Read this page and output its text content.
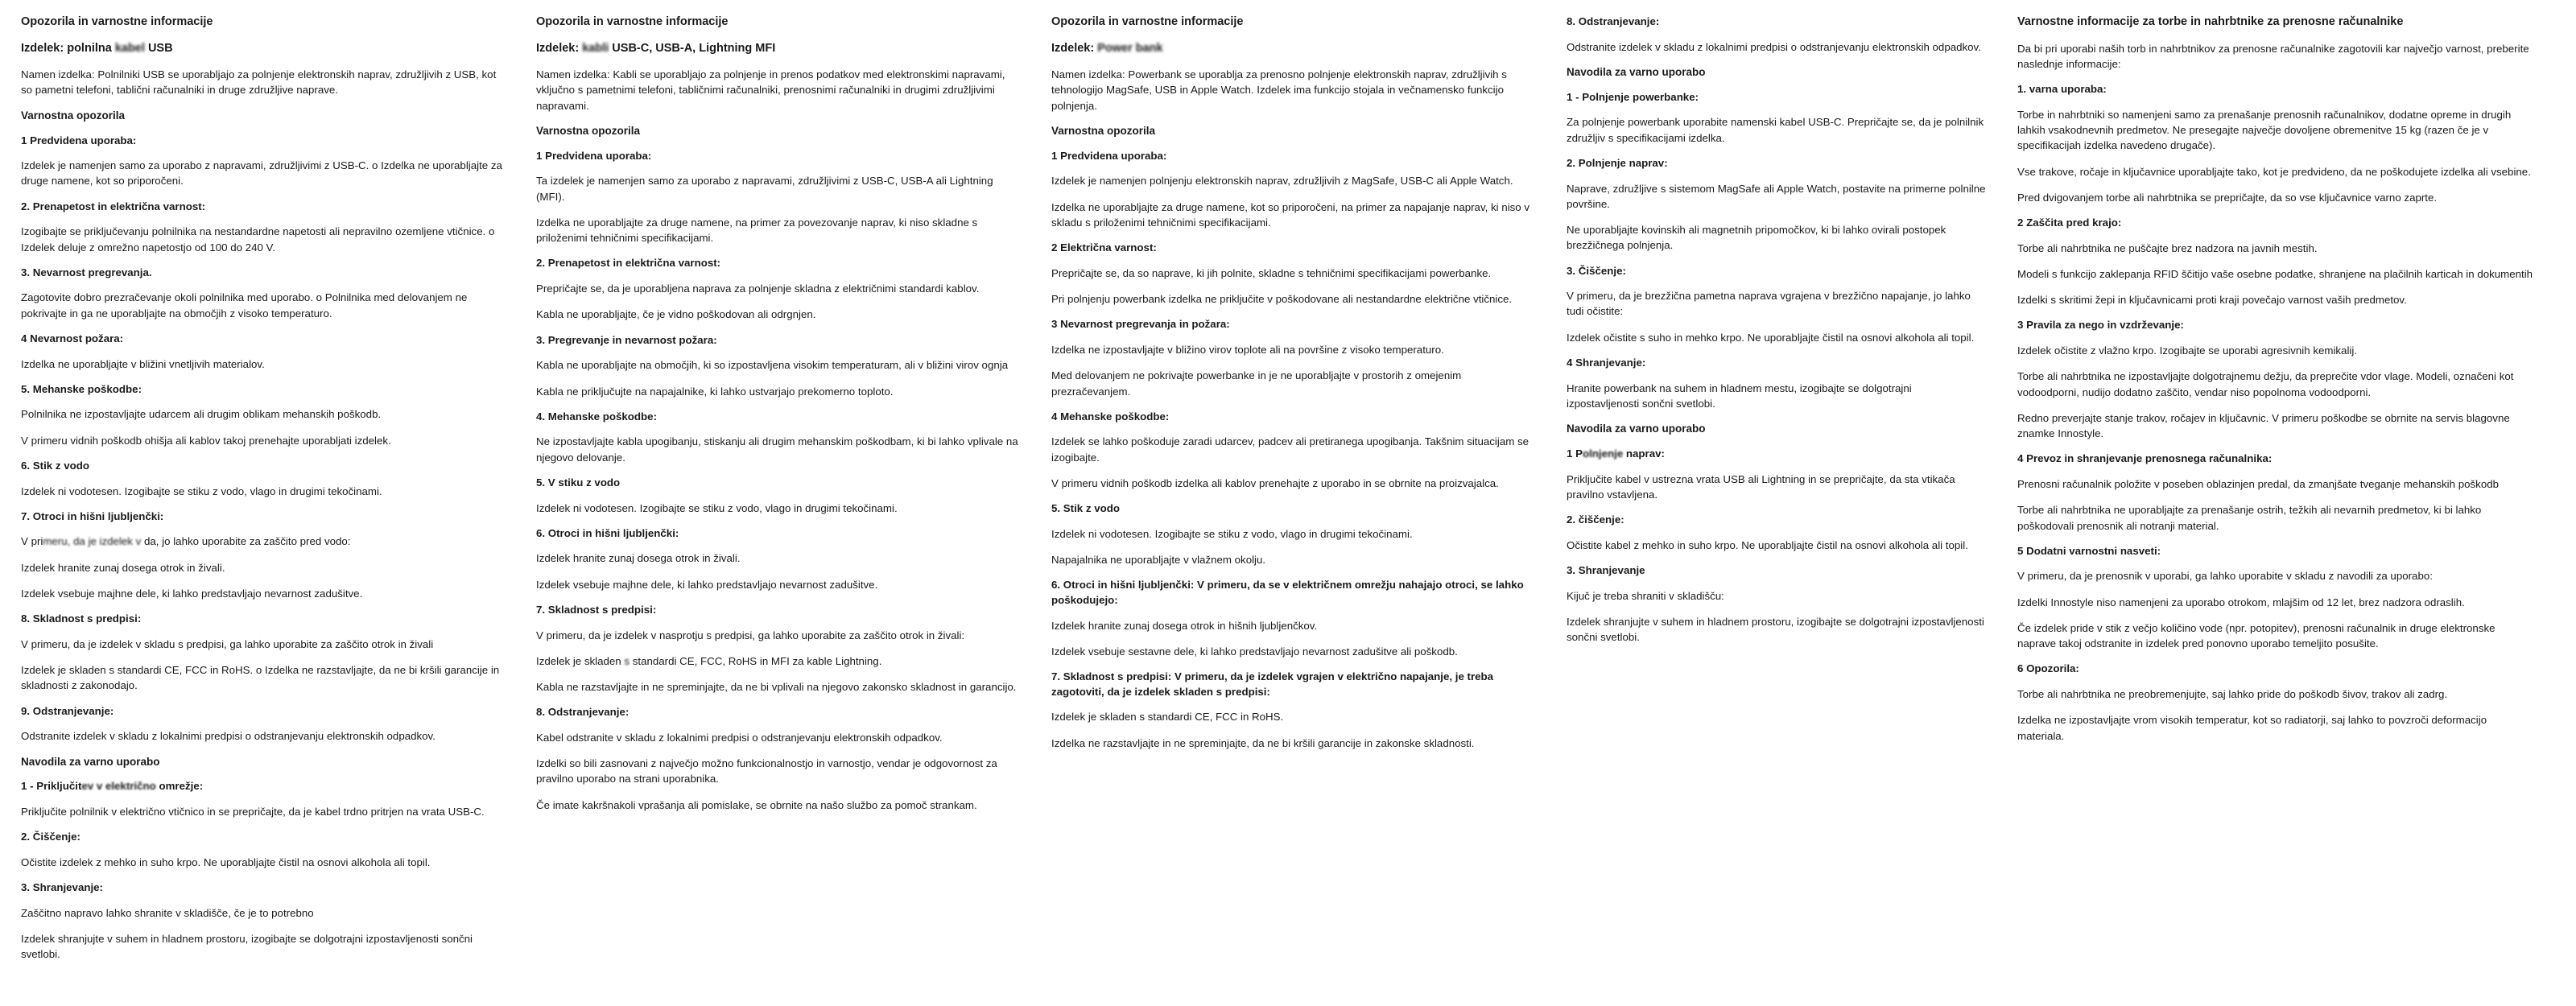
Opozorila in varnostne informacije
Izdelek: polnilna kabel USB
Namen izdelka: Polnilniki USB se uporabljajo za polnjenje elektronskih naprav, združljivih z USB, kot so pametni telefoni, tablični računalniki in druge združljive naprave.
Varnostna opozorila
1 Predvidena uporaba:
Izdelek je namenjen samo za uporabo z napravami, združljivimi z USB-C. o Izdelka ne uporabljajte za druge namene, kot so priporočeni.
2. Prenapetost in električna varnost:
Izogibajte se priključevanju polnilnika na nestandardne napetosti ali nepravilno ozemljene vtičnice. o Izdelek deluje z omrežno napetostjo od 100 do 240 V.
3. Nevarnost pregrevanja.
Zagotovite dobro prezračevanje okoli polnilnika med uporabo. o Polnilnika med delovanjem ne pokrivajte in ga ne uporabljajte na območjih z visoko temperaturo.
4 Nevarnost požara:
Izdelka ne uporabljajte v bližini vnetljivih materialov.
5. Mehanske poškodbe:
Polnilnika ne izpostavljajte udarcem ali drugim oblikam mehanskih poškodb.
V primeru vidnih poškodb ohišja ali kablov takoj prenehajte uporabljati izdelek.
6. Stik z vodo
Izdelek ni vodotesen. Izogibajte se stiku z vodo, vlago in drugimi tekočinami.
7. Otroci in hišni ljubljenčki:
V primeru, da je izdelek v da, jo lahko uporabite za zaščito pred vodo:
Izdelek hranite zunaj dosega otrok in živali.
Izdelek vsebuje majhne dele, ki lahko predstavljajo nevarnost zadušitve.
8. Skladnost s predpisi:
V primeru, da je izdelek v skladu s predpisi, ga lahko uporabite za zaščito otrok in živali
Izdelek je skladen s standardi CE, FCC in RoHS. o Izdelka ne razstavljajte, da ne bi kršili garancije in skladnosti z zakonodajo.
9. Odstranjevanje:
Odstranite izdelek v skladu z lokalnimi predpisi o odstranjevanju elektronskih odpadkov.
Navodila za varno uporabo
1 - Priključitev v električno omrežje:
Priključite polnilnik v električno vtičnico in se prepričajte, da je kabel trdno pritrjen na vrata USB-C.
2. Čiščenje:
Očistite izdelek z mehko in suho krpo. Ne uporabljajte čistil na osnovi alkohola ali topil.
3. Shranjevanje:
Zaščitno napravo lahko shranite v skladišče, če je to potrebno
Izdelek shranjujte v suhem in hladnem prostoru, izogibajte se dolgotrajni izpostavljenosti sončni svetlobi.
Opozorila in varnostne informacije
Izdelek: kabli USB-C, USB-A, Lightning MFI
Namen izdelka: Kabli se uporabljajo za polnjenje in prenos podatkov med elektronskimi napravami, vključno s pametnimi telefoni, tabličnimi računalniki, prenosnimi računalniki in drugimi združljivimi napravami.
Varnostna opozorila
1 Predvidena uporaba:
Ta izdelek je namenjen samo za uporabo z napravami, združljivimi z USB-C, USB-A ali Lightning (MFI).
Izdelka ne uporabljajte za druge namene, na primer za povezovanje naprav, ki niso skladne s priloženimi tehničnimi specifikacijami.
2. Prenapetost in električna varnost:
Prepričajte se, da je uporabljena naprava za polnjenje skladna z električnimi standardi kablov.
Kabla ne uporabljajte, če je vidno poškodovan ali odrgnjen.
3. Pregrevanje in nevarnost požara:
Kabla ne uporabljajte na območjih, ki so izpostavljena visokim temperaturam, ali v bližini virov ognja
Kabla ne priključujte na napajalnike, ki lahko ustvarjajo prekomerno toploto.
4. Mehanske poškodbe:
Ne izpostavljajte kabla upogibanju, stiskanju ali drugim mehanskim poškodbam, ki bi lahko vplivale na njegovo delovanje.
5. V stiku z vodo
Izdelek ni vodotesen. Izogibajte se stiku z vodo, vlago in drugimi tekočinami.
6. Otroci in hišni ljubljenčki:
Izdelek hranite zunaj dosega otrok in živali.
Izdelek vsebuje majhne dele, ki lahko predstavljajo nevarnost zadušitve.
7. Skladnost s predpisi:
V primeru, da je izdelek v nasprotju s predpisi, ga lahko uporabite za zaščito otrok in živali:
Izdelek je skladen s standardi CE, FCC, RoHS in MFI za kable Lightning.
Kabla ne razstavljajte in ne spreminjajte, da ne bi vplivali na njegovo zakonsko skladnost in garancijo.
8. Odstranjevanje:
Kabel odstranite v skladu z lokalnimi predpisi o odstranjevanju elektronskih odpadkov.
Izdelki so bili zasnovani z največjo možno funkcionalnostjo in varnostjo, vendar je odgovornost za pravilno uporabo na strani uporabnika.
Če imate kakršnakoli vprašanja ali pomislake, se obrnite na našo službo za pomoč strankam.
Opozorila in varnostne informacije
Izdelek: Power bank
Namen izdelka: Powerbank se uporablja za prenosno polnjenje elektronskih naprav, združljivih s tehnologijo MagSafe, USB in Apple Watch. Izdelek ima funkcijo stojala in večnamensko funkcijo polnjenja.
Varnostna opozorila
1 Predvidena uporaba:
Izdelek je namenjen polnjenju elektronskih naprav, združljivih z MagSafe, USB-C ali Apple Watch.
Izdelka ne uporabljajte za druge namene, kot so priporočeni, na primer za napajanje naprav, ki niso v skladu s priloženimi tehničnimi specifikacijami.
2 Električna varnost:
Prepričajte se, da so naprave, ki jih polnite, skladne s tehničnimi specifikacijami powerbanke.
Pri polnjenju powerbank izdelka ne priključite v poškodovane ali nestandardne električne vtičnice.
3 Nevarnost pregrevanja in požara:
Izdelka ne izpostavljajte v bližino virov toplote ali na površine z visoko temperaturo.
Med delovanjem ne pokrivajte powerbanke in je ne uporabljajte v prostorih z omejenim prezračevanjem.
4 Mehanske poškodbe:
Izdelek se lahko poškoduje zaradi udarcev, padcev ali pretiranega upogibanja. Takšnim situacijam se izogibajte.
V primeru vidnih poškodb izdelka ali kablov prenehajte z uporabo in se obrnite na proizvajalca.
5. Stik z vodo
Izdelek ni vodotesen. Izogibajte se stiku z vodo, vlago in drugimi tekočinami.
Napajalnika ne uporabljajte v vlažnem okolju.
6. Otroci in hišni ljubljenčki: V primeru, da se v električnem omrežju nahajajo otroci, se lahko poškodujejo:
Izdelek hranite zunaj dosega otrok in hišnih ljubljenčkov.
Izdelek vsebuje sestavne dele, ki lahko predstavljajo nevarnost zadušitve ali poškodb.
7. Skladnost s predpisi: V primeru, da je izdelek vgrajen v električno napajanje, je treba zagotoviti, da je izdelek skladen s predpisi:
Izdelek je skladen s standardi CE, FCC in RoHS.
Izdelka ne razstavljajte in ne spreminjajte, da ne bi kršili garancije in zakonske skladnosti.
8. Odstranjevanje:
Odstranite izdelek v skladu z lokalnimi predpisi o odstranjevanju elektronskih odpadkov.
Navodila za varno uporabo
1 - Polnjenje powerbanke:
Za polnjenje powerbank uporabite namenski kabel USB-C. Prepričajte se, da je polnilnik združljiv s specifikacijami izdelka.
2. Polnjenje naprav:
Naprave, združljive s sistemom MagSafe ali Apple Watch, postavite na primerne polnilne površine.
Ne uporabljajte kovinskih ali magnetnih pripomočkov, ki bi lahko ovirali postopek brezžičnega polnjenja.
3. Čiščenje:
V primeru, da je brezžična pametna naprava vgrajena v brezžično napajanje, jo lahko tudi očistite:
Izdelek očistite s suho in mehko krpo. Ne uporabljajte čistil na osnovi alkohola ali topil.
4 Shranjevanje:
Hranite powerbank na suhem in hladnem mestu, izogibajte se dolgotrajni izpostavljenosti sončni svetlobi.
Navodila za varno uporabo
1 Polnjenje naprav:
Priključite kabel v ustrezna vrata USB ali Lightning in se prepričajte, da sta vtikača pravilno vstavljena.
2. čiščenje:
Očistite kabel z mehko in suho krpo. Ne uporabljajte čistil na osnovi alkohola ali topil.
3. Shranjevanje
Kijuč je treba shraniti v skladišču:
Izdelek shranjujte v suhem in hladnem prostoru, izogibajte se dolgotrajni izpostavljenosti sončni svetlobi.
Varnostne informacije za torbe in nahrbtnike za prenosne računalnike
Da bi pri uporabi naših torb in nahrbtnikov za prenosne računalnike zagotovili kar največjo varnost, preberite naslednje informacije:
1. varna uporaba:
Torbe in nahrbtniki so namenjeni samo za prenašanje prenosnih računalnikov, dodatne opreme in drugih lahkih vsakodnevnih predmetov. Ne presegajte največje dovoljene obremenitve 15 kg (razen če je v specifikacijah izdelka navedeno drugače).
Vse trakove, ročaje in ključavnice uporabljajte tako, kot je predvideno, da ne poškodujete izdelka ali vsebine.
Pred dvigovanjem torbe ali nahrbtnika se prepričajte, da so vse ključavnice varno zaprte.
2 Zaščita pred krajo:
Torbe ali nahrbtnika ne puščajte brez nadzora na javnih mestih.
Modeli s funkcijo zaklepanja RFID ščitijo vaše osebne podatke, shranjene na plačilnih karticah in dokumentih
Izdelki s skritimi žepi in ključavnicami proti kraji povečajo varnost vaših predmetov.
3 Pravila za nego in vzdrževanje:
Izdelek očistite z vlažno krpo. Izogibajte se uporabi agresivnih kemikalij.
Torbe ali nahrbtnika ne izpostavljajte dolgotrajnemu dežju, da preprečite vdor vlage. Modeli, označeni kot vodoodporni, nudijo dodatno zaščito, vendar niso popolnoma vodoodporni.
Redno preverjajte stanje trakov, ročajev in ključavnic. V primeru poškodbe se obrnite na servis blagovne znamke Innostyle.
4 Prevoz in shranjevanje prenosnega računalnika:
Prenosni računalnik položite v poseben oblazinjen predal, da zmanjšate tveganje mehanskih poškodb
Torbe ali nahrbtnika ne uporabljajte za prenašanje ostrih, težkih ali nevarnih predmetov, ki bi lahko poškodovali prenosnik ali notranji material.
5 Dodatni varnostni nasveti:
V primeru, da je prenosnik v uporabi, ga lahko uporabite v skladu z navodili za uporabo:
Izdelki Innostyle niso namenjeni za uporabo otrokom, mlajšim od 12 let, brez nadzora odraslih.
Če izdelek pride v stik z večjo količino vode (npr. potopitev), prenosni računalnik in druge elektronske naprave takoj odstranite in izdelek pred ponovno uporabo temeljito posušite.
6 Opozorila:
Torbe ali nahrbtnika ne preobremenjujte, saj lahko pride do poškodb šivov, trakov ali zadrg.
Izdelka ne izpostavljajte vrom visokih temperatur, kot so radiatorji, saj lahko to povzroči deformacijo materiala.
